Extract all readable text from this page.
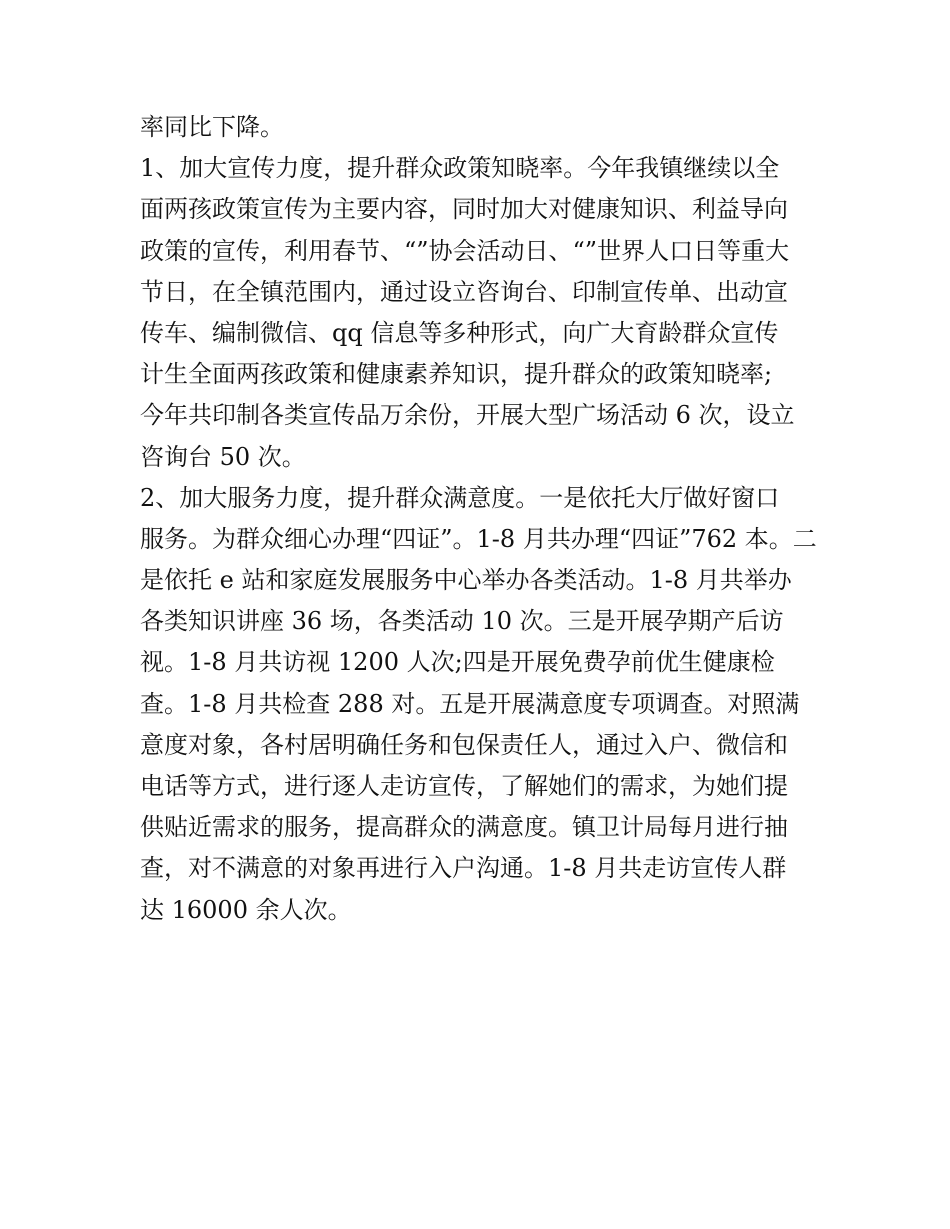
率同比下降。
1、加大宣传力度，提升群众政策知晓率。今年我镇继续以全
面两孩政策宣传为主要内容，同时加大对健康知识、利益导向
政策的宣传，利用春节、“”协会活动日、“”世界人口日等重大
节日，在全镇范围内，通过设立咨询台、印制宣传单、出动宣
传车、编制微信、qq 信息等多种形式，向广大育龄群众宣传
计生全面两孩政策和健康素养知识，提升群众的政策知晓率;
今年共印制各类宣传品万余份，开展大型广场活动 6 次，设立
咨询台 50 次。
2、加大服务力度，提升群众满意度。一是依托大厅做好窗口
服务。为群众细心办理“四证”。1-8 月共办理“四证”762 本。二
是依托 e 站和家庭发展服务中心举办各类活动。1-8 月共举办
各类知识讲座 36 场，各类活动 10 次。三是开展孕期产后访
视。1-8 月共访视 1200 人次;四是开展免费孕前优生健康检
查。1-8 月共检查 288 对。五是开展满意度专项调查。对照满
意度对象，各村居明确任务和包保责任人，通过入户、微信和
电话等方式，进行逐人走访宣传，了解她们的需求，为她们提
供贴近需求的服务，提高群众的满意度。镇卫计局每月进行抽
查，对不满意的对象再进行入户沟通。1-8 月共走访宣传人群
达 16000 余人次。
